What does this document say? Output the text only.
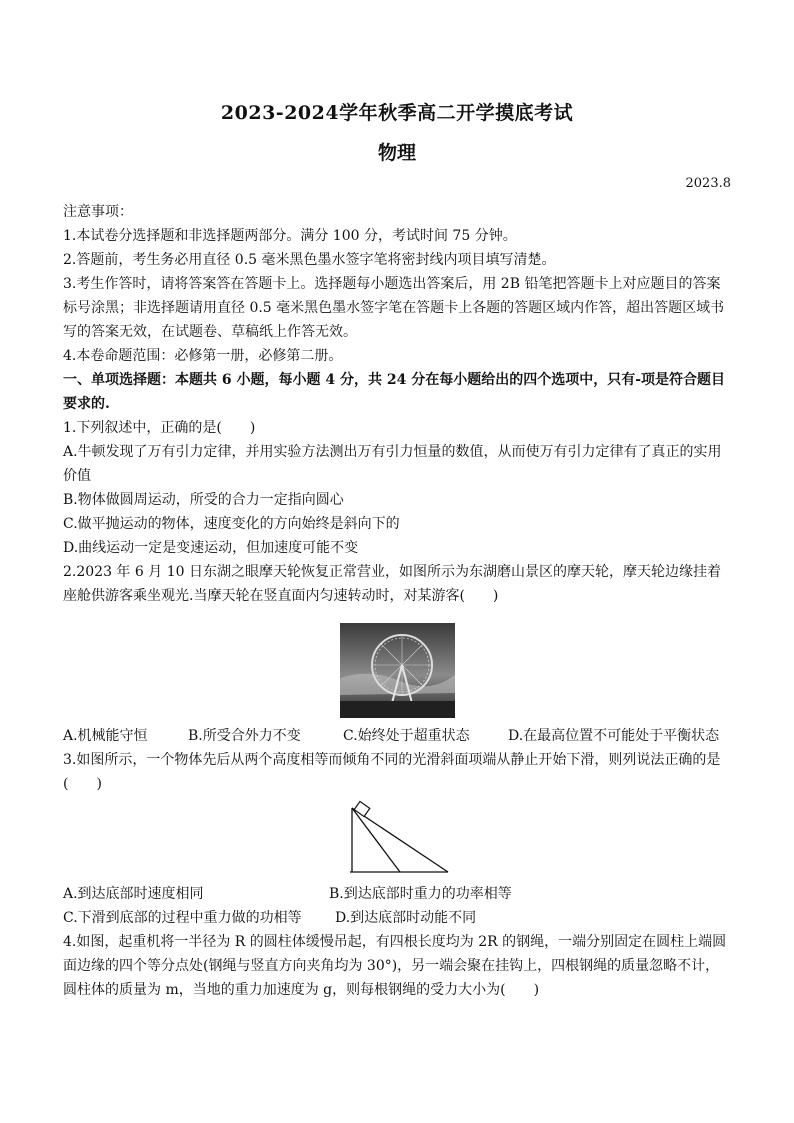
2023-2024学年秋季高二开学摸底考试
物理
2023.8
注意事项：
1.本试卷分选择题和非选择题两部分。满分 100 分，考试时间 75 分钟。
2.答题前，考生务必用直径 0.5 毫米黑色墨水签字笔将密封线内项目填写清楚。
3.考生作答时，请将答案答在答题卡上。选择题每小题选出答案后，用 2B 铅笔把答题卡上对应题目的答案标号涂黑；非选择题请用直径 0.5 毫米黑色墨水签字笔在答题卡上各题的答题区域内作答，超出答题区域书写的答案无效，在试题卷、草稿纸上作答无效。
4.本卷命题范围：必修第一册，必修第二册。
一、单项选择题：本题共 6 小题，每小题 4 分，共 24 分在每小题给出的四个选项中，只有-项是符合题目要求的.
1.下列叙述中，正确的是(　　)
A.牛顿发现了万有引力定律，并用实验方法测出万有引力恒量的数值，从而使万有引力定律有了真正的实用价值
B.物体做圆周运动，所受的合力一定指向圆心
C.做平抛运动的物体，速度变化的方向始终是斜向下的
D.曲线运动一定是变速运动，但加速度可能不变
2.2023 年 6 月 10 日东湖之眼摩天轮恢复正常营业，如图所示为东湖磨山景区的摩天轮，摩天轮边缘挂着座舱供游客乘坐观光.当摩天轮在竖直面内匀速转动时，对某游客(　　)
A.机械能守恒	B.所受合外力不变	C.始终处于超重状态	D.在最高位置不可能处于平衡状态
3.如图所示，一个物体先后从两个高度相等而倾角不同的光滑斜面项端从静止开始下滑，则列说法正确的是(　　)
A.到达底部时速度相同	B.到达底部时重力的功率相等
C.下滑到底部的过程中重力做的功相等	D.到达底部时动能不同
4.如图，起重机将一半径为 R 的圆柱体缓慢吊起，有四根长度均为 2R 的钢绳，一端分别固定在圆柱上端圆面边缘的四个等分点处(钢绳与竖直方向夹角均为 30°)，另一端会聚在挂钩上，四根钢绳的质量忽略不计，圆柱体的质量为 m，当地的重力加速度为 g，则每根钢绳的受力大小为(　　)
